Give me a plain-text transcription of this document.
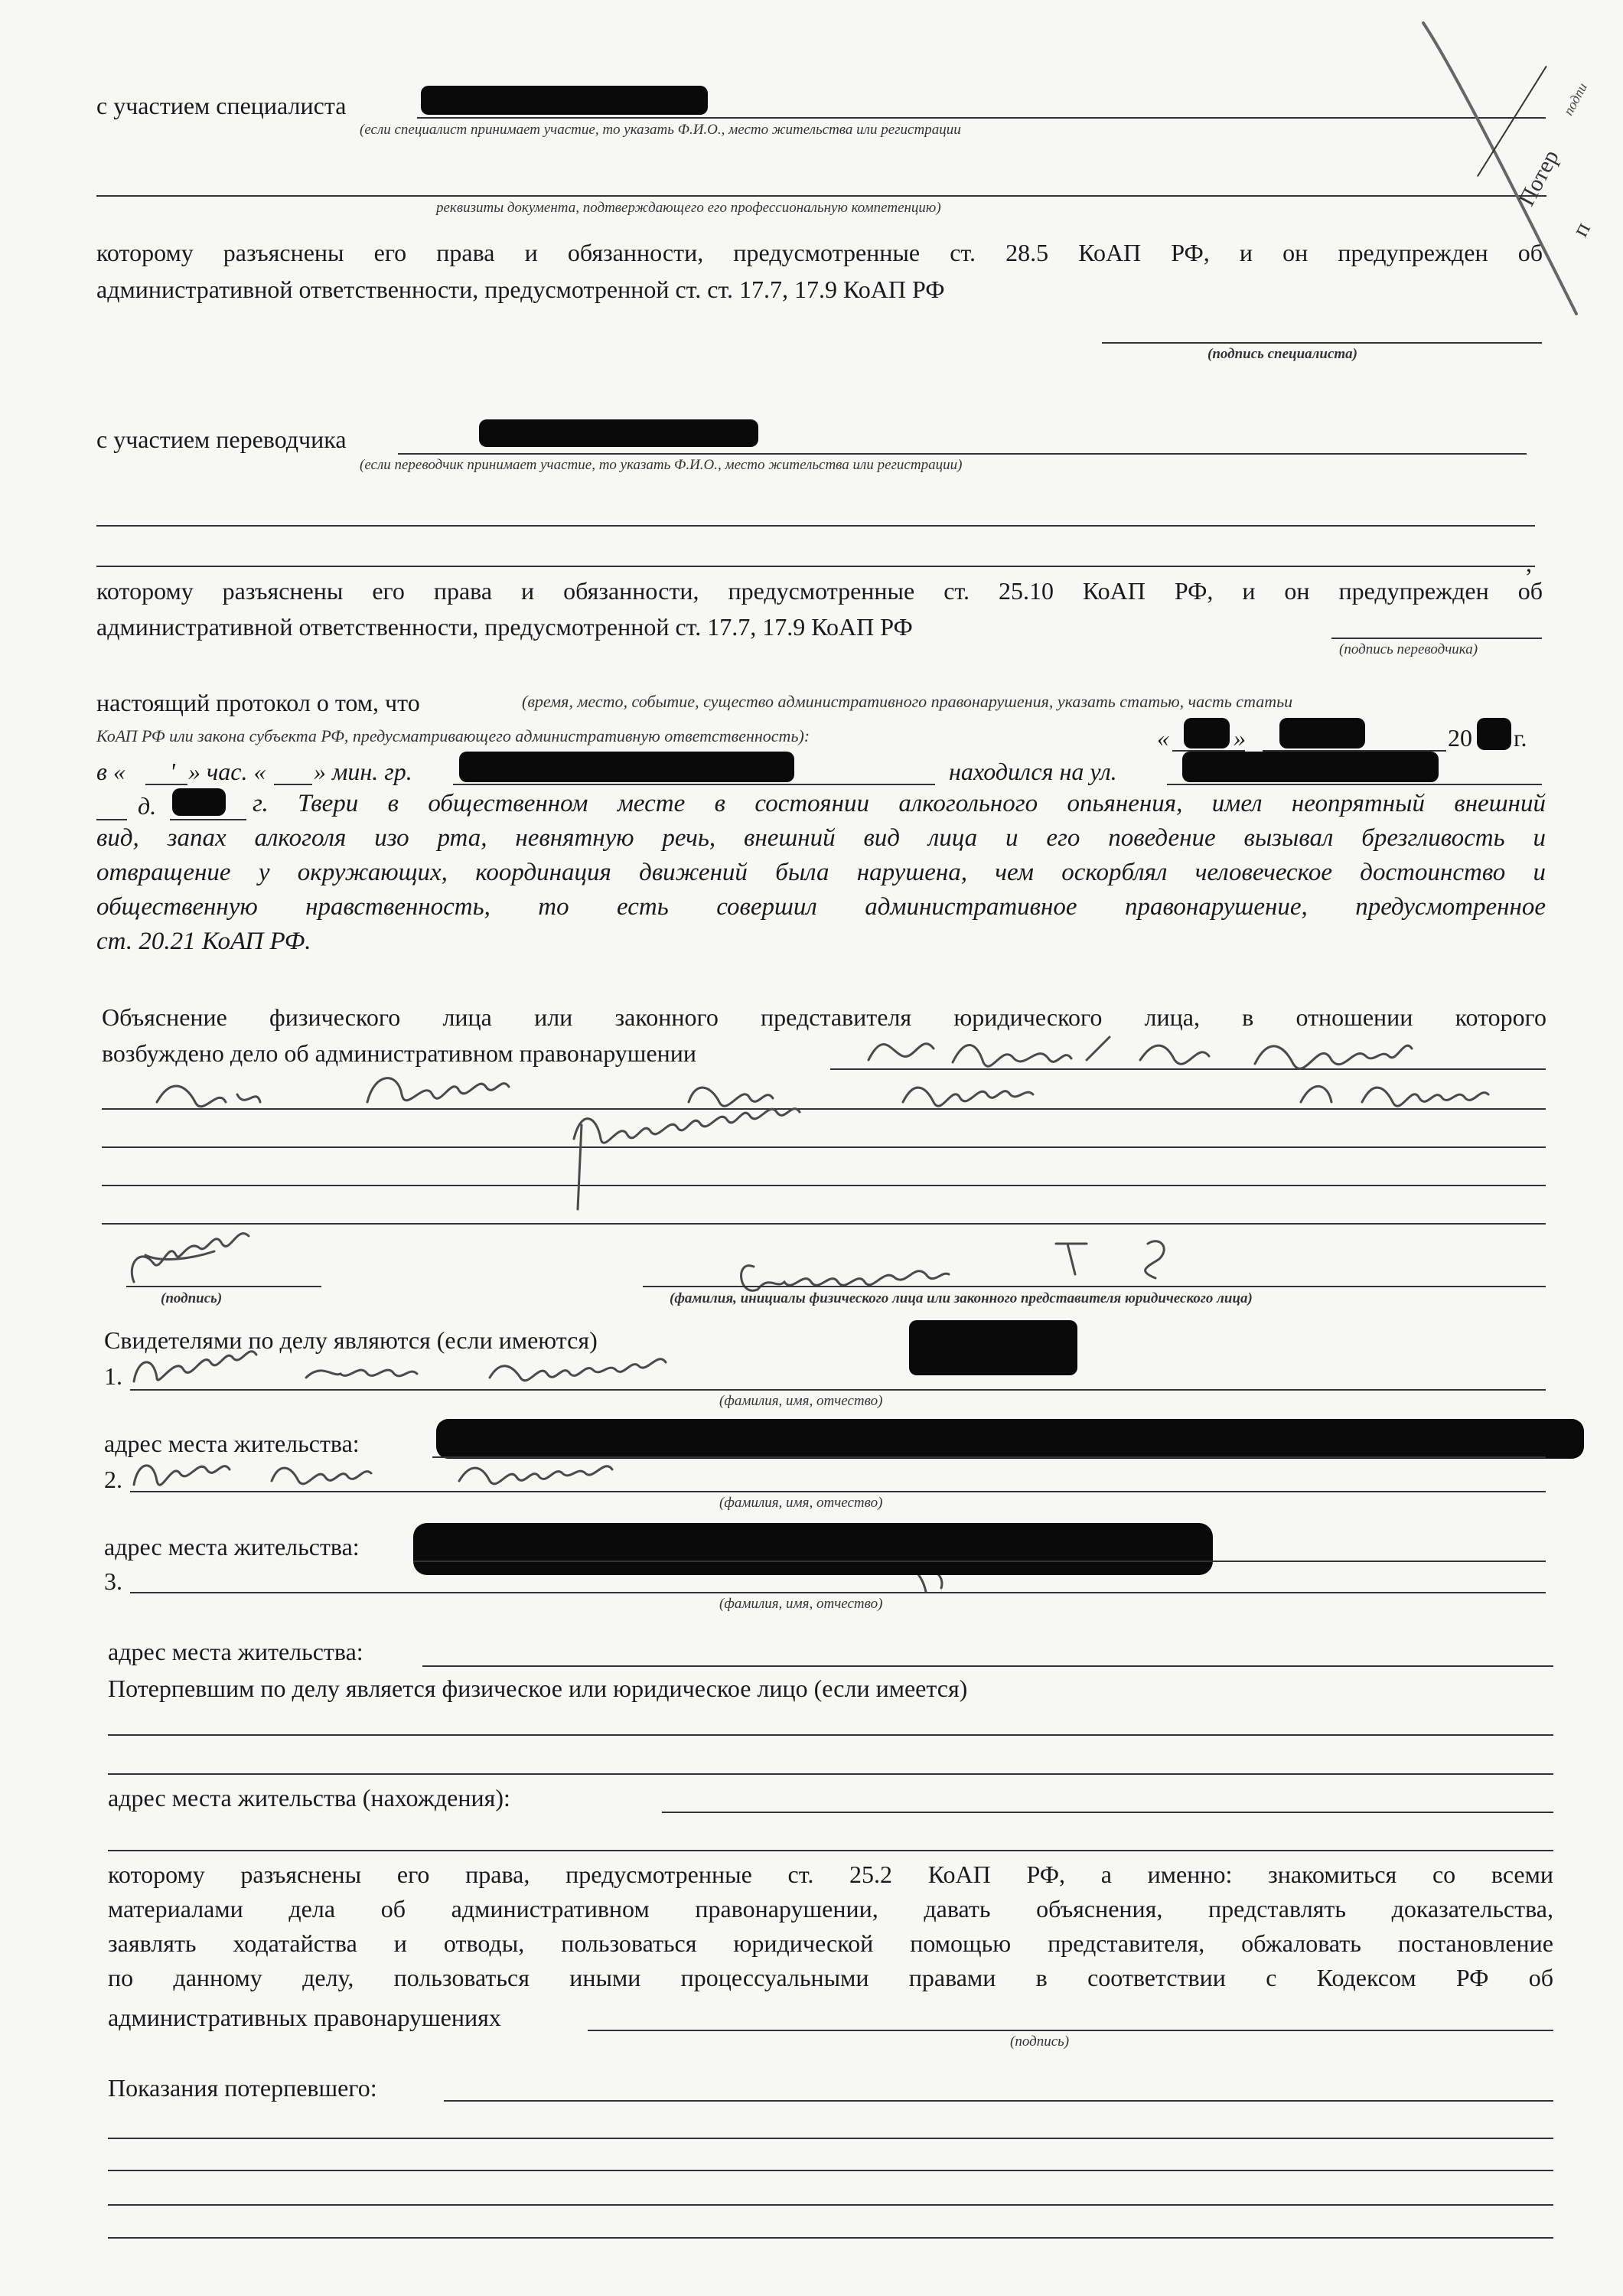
с участием специалиста
(если специалист принимает участие, то указать Ф.И.О., место жительства или регистрации
реквизиты документа, подтверждающего его профессиональную компетенцию)
которому разъяснены его права и обязанности, предусмотренные ст. 28.5 КоАП РФ, и он предупрежден об
административной ответственности, предусмотренной ст. ст. 17.7, 17.9 КоАП РФ
(подпись специалиста)
с участием переводчика
(если переводчик принимает участие, то указать Ф.И.О., место жительства или регистрации)
,
которому разъяснены его права и обязанности, предусмотренные ст. 25.10 КоАП РФ, и он предупрежден об
административной ответственности, предусмотренной ст. 17.7, 17.9 КоАП РФ
(подпись переводчика)
настоящий протокол о том, что	(время, место, событие, существо административного правонарушения, указать статью, часть статьи
КоАП РФ или закона субъекта РФ, предусматривающего административную ответственность):	«	»	20 г.
в « ' » час. « » мин. гр.	находился на ул.
д.	г. Твери в общественном месте в состоянии алкогольного опьянения, имел неопрятный внешний
вид, запах алкоголя изо рта, невнятную речь, внешний вид лица и его поведение вызывал брезгливость и
отвращение у окружающих, координация движений была нарушена, чем оскорблял человеческое достоинство и
общественную нравственность, то есть совершил административное правонарушение, предусмотренное
ст. 20.21 КоАП РФ.
Объяснение физического лица или законного представителя юридического лица, в отношении которого
возбуждено дело об административном правонарушении
(подпись)	(фамилия, инициалы физического лица или законного представителя юридического лица)
Свидетелями по делу являются (если имеются)
1.
(фамилия, имя, отчество)
адрес места жительства:
2.
(фамилия, имя, отчество)
адрес места жительства:
3.
(фамилия, имя, отчество)
адрес места жительства:
Потерпевшим по делу является физическое или юридическое лицо (если имеется)
адрес места жительства (нахождения):
которому разъяснены его права, предусмотренные ст. 25.2 КоАП РФ, а именно: знакомиться со всеми
материалами дела об административном правонарушении, давать объяснения, представлять доказательства,
заявлять ходатайства и отводы, пользоваться юридической помощью представителя, обжаловать постановление
по данному делу, пользоваться иными процессуальными правами в соответствии с Кодексом РФ об
административных правонарушениях
(подпись)
Показания потерпевшего:
Потер
подпи
п
